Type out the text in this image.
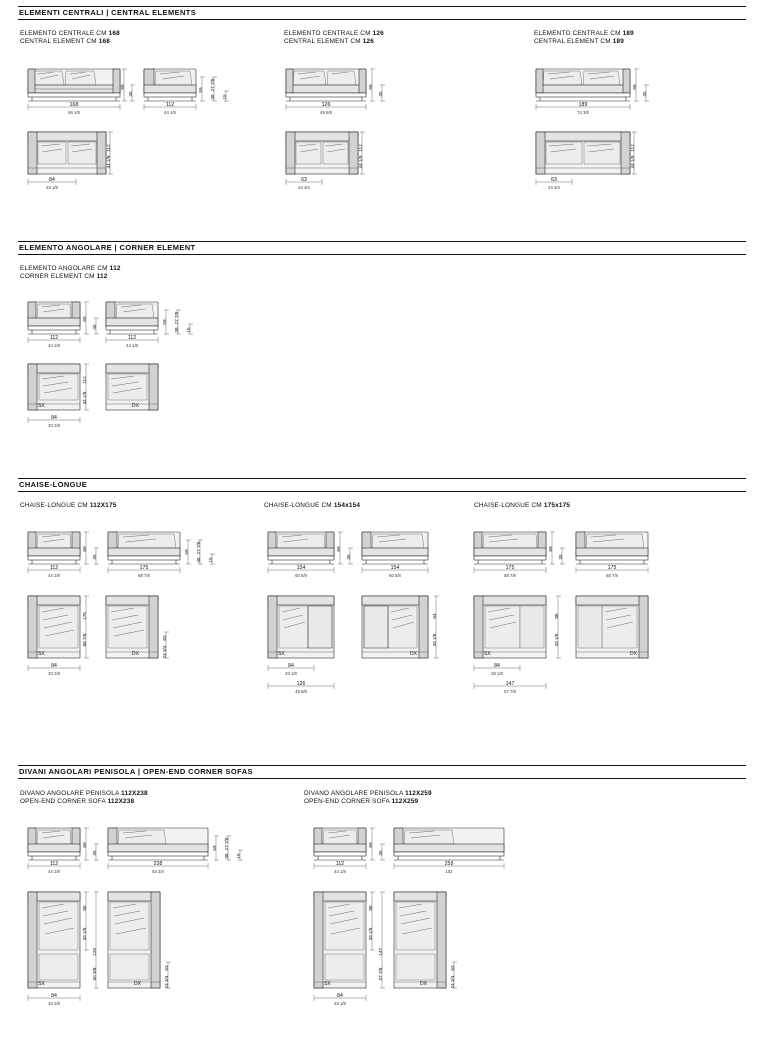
ELEMENTI CENTRALI | CENTRAL ELEMENTS
ELEMENTO CENTRALE CM 168
CENTRAL ELEMENT CM 168
ELEMENTO CENTRALE CM 126
CENTRAL ELEMENT CM 126
ELEMENTO CENTRALE CM 189
CENTRAL ELEMENT CM 189
168
66 1/8
89
35
112
44 1/8
59 27 7/8
38 15
112
44 1/8
84
33 1/8
126
49 5/8
89
35
112
44 1/8
63
24 3/4
189
74 3/8
89
35
112
44 1/8
63
24 3/4
ELEMENTO ANGOLARE | CORNER ELEMENT
ELEMENTO ANGOLARE CM 112
CORNER ELEMENT CM 112
112
44 1/8
89
35
112
44 1/8
59 27 7/8
38 15
SX
112
44 1/8
DX
84
33 1/8
CHAISE-LONGUE
CHAISE-LONGUE CM 112X175	CHAISE-LONGUE CM 154x154	CHAISE-LONGUE CM 175x175
112
44 1/8
89
35
175
68 7/8
59 27 7/8
38 15
SX
175
68 7/8
DX
63
24 3/4
84
33 1/8
154
60 5/8
89
35
154
60 5/8
SX	DX
84
33 1/8
84
33 1/8
126
49 5/8
175
68 7/8
89
35
175
68 7/8
SX	DX
86
33 1/8
84
33 1/8
147
57 7/8
DIVANI ANGOLARI PENISOLA | OPEN-END CORNER SOFAS
DIVANO ANGOLARE PENISOLA 112X238
OPEN-END CORNER SOFA 112X238
DIVANO ANGOLARE PENISOLA 112X259
OPEN-END CORNER SOFA 112X259
112
44 1/8
89
35
238
93 3/4
59 27 7/8
38 15
SX
86
33 1/8
128
50 3/8
DX
63
24 3/4
84
33 1/8
112
44 1/8
89
35
259
102
SX
86
33 1/8
147
57 7/8
DX
63
24 3/4
84
33 1/8
